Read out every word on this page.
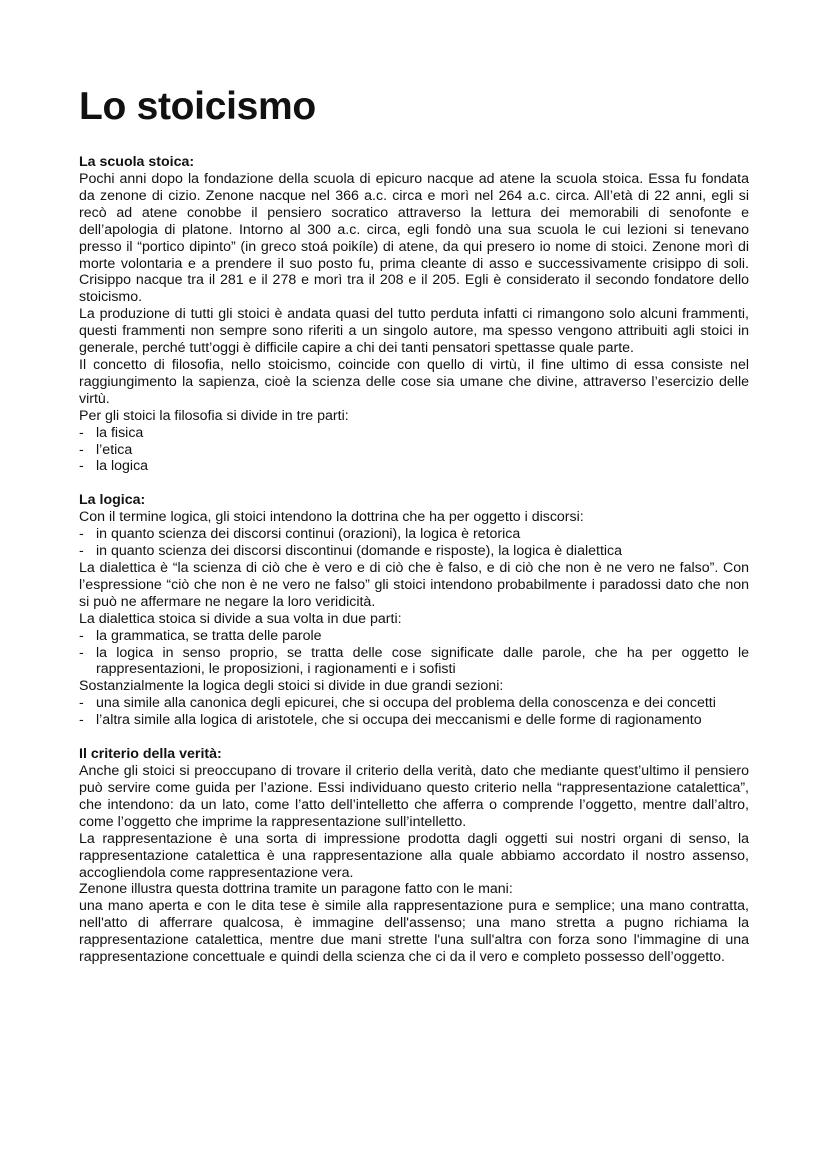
Lo stoicismo
La scuola stoica:

Pochi anni dopo la fondazione della scuola di epicuro nacque ad atene la scuola stoica. Essa fu fondata da zenone di cizio. Zenone nacque nel 366 a.c. circa e morì nel 264 a.c. circa. All’età di 22 anni, egli si recò ad atene conobbe il pensiero socratico attraverso la lettura dei memorabili di senofonte e dell’apologia di platone. Intorno al 300 a.c. circa, egli fondò una sua scuola le cui lezioni si tenevano presso il “portico dipinto” (in greco stoá poikíle) di atene, da qui presero io nome di stoici. Zenone morì di morte volontaria e a prendere il suo posto fu, prima cleante di asso e successivamente crisippo di soli. Crisippo nacque tra il 281 e il 278 e morì tra il 208 e il 205. Egli è considerato il secondo fondatore dello stoicismo.

La produzione di tutti gli stoici è andata quasi del tutto perduta infatti ci rimangono solo alcuni frammenti, questi frammenti non sempre sono riferiti a un singolo autore, ma spesso vengono attribuiti agli stoici in generale, perché tutt’oggi è difficile capire a chi dei tanti pensatori spettasse quale parte.

Il concetto di filosofia, nello stoicismo, coincide con quello di virtù, il fine ultimo di essa consiste nel raggiungimento la sapienza, cioè la scienza delle cose sia umane che divine, attraverso l’esercizio delle virtù.

Per gli stoici la filosofia si divide in tre parti:

- la fisica
- l’etica
- la logica
La logica:

Con il termine logica, gli stoici intendono la dottrina che ha per oggetto i discorsi:

- in quanto scienza dei discorsi continui (orazioni), la logica è retorica
- in quanto scienza dei discorsi discontinui (domande e risposte), la logica è dialettica

La dialettica è “la scienza di ciò che è vero e di ciò che è falso, e di ciò che non è ne vero ne falso”. Con l’espressione “ciò che non è ne vero ne falso” gli stoici intendono probabilmente i paradossi dato che non si può ne affermare ne negare la loro veridicità.

La dialettica stoica si divide a sua volta in due parti:

- la grammatica, se tratta delle parole
- la logica in senso proprio, se tratta delle cose significate dalle parole, che ha per oggetto le rappresentazioni, le proposizioni, i ragionamenti e i sofisti

Sostanzialmente la logica degli stoici si divide in due grandi sezioni:

- una simile alla canonica degli epicurei, che si occupa del problema della conoscenza e dei concetti
- l’altra simile alla logica di aristotele, che si occupa dei meccanismi e delle forme di ragionamento
Il criterio della verità:

Anche gli stoici si preoccupano di trovare il criterio della verità, dato che mediante quest’ultimo il pensiero può servire come guida per l’azione. Essi individuano questo criterio nella “rappresentazione catalettica”, che intendono: da un lato, come l’atto dell’intelletto che afferra o comprende l’oggetto, mentre dall’altro, come l’oggetto che imprime la rappresentazione sull’intelletto.

La rappresentazione è una sorta di impressione prodotta dagli oggetti sui nostri organi di senso, la rappresentazione catalettica è una rappresentazione alla quale abbiamo accordato il nostro assenso, accogliendola come rappresentazione vera.

Zenone illustra questa dottrina tramite un paragone fatto con le mani:

una mano aperta e con le dita tese è simile alla rappresentazione pura e semplice; una mano contratta, nell'atto di afferrare qualcosa, è immagine dell'assenso; una mano stretta a pugno richiama la rappresentazione catalettica, mentre due mani strette l'una sull'altra con forza sono l'immagine di una rappresentazione concettuale e quindi della scienza che ci da il vero e completo possesso dell’oggetto.
